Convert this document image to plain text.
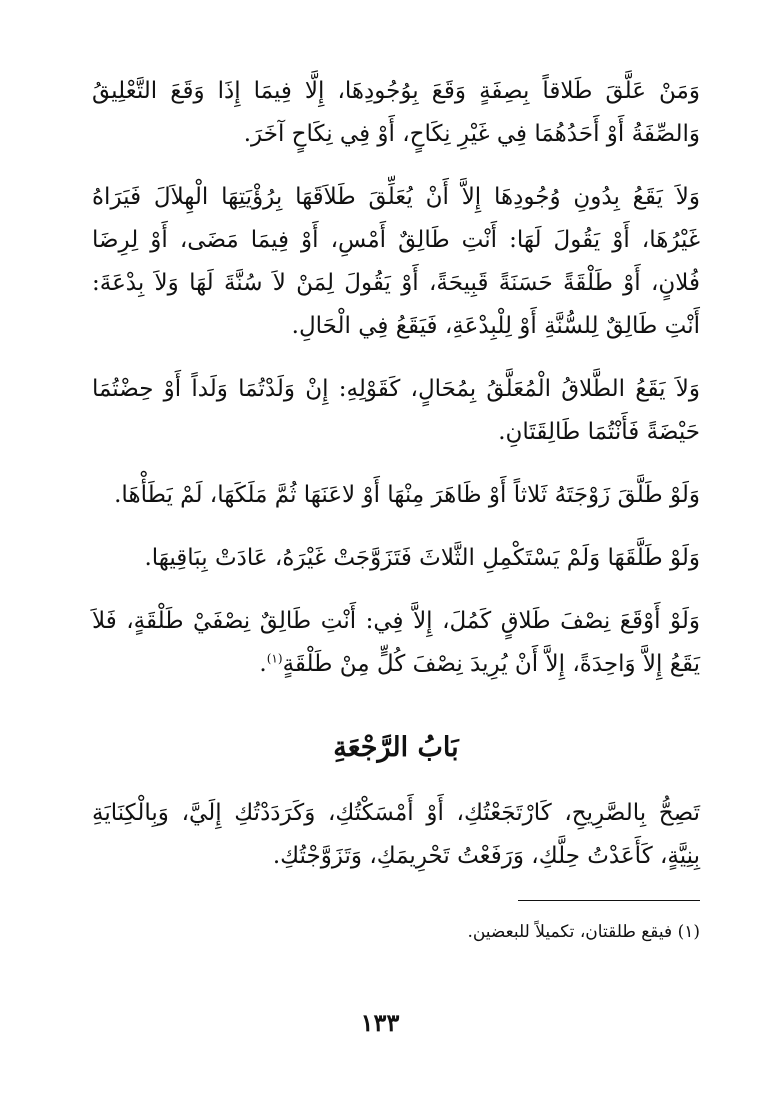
وَمَنْ عَلَّقَ طَلاقاً بِصِفَةٍ وَقَعَ بِوُجُودِهَا، إِلَّا فِيمَا إِذَا وَقَعَ التَّعْلِيقُ وَالصِّفَةُ أَوْ أَحَدُهُمَا فِي غَيْرِ نِكَاحٍ، أَوْ فِي نِكَاحٍ آخَرَ.

وَلاَ يَقَعُ بِدُونِ وُجُودِهَا إِلاَّ أَنْ يُعَلِّقَ طَلاَقَهَا بِرُؤْيَتِهَا الْهِلاَلَ فَيَرَاهُ غَيْرُهَا، أَوْ يَقُولَ لَهَا: أَنْتِ طَالِقٌ أَمْسِ، أَوْ فِيمَا مَضَى، أَوْ لِرِضَا فُلانٍ، أَوْ طَلْقَةً حَسَنَةً قَبِيحَةً، أَوْ يَقُولَ لِمَنْ لاَ سُنَّةَ لَهَا وَلاَ بِدْعَةَ: أَنْتِ طَالِقٌ لِلسُّنَّةِ أَوْ لِلْبِدْعَةِ، فَيَقَعُ فِي الْحَالِ.

وَلاَ يَقَعُ الطَّلاقُ الْمُعَلَّقُ بِمُحَالٍ، كَقَوْلِهِ: إِنْ وَلَدْتُمَا وَلَداً أَوْ حِضْتُمَا حَيْضَةً فَأَنْتُمَا طَالِقَتَانِ.

وَلَوْ طَلَّقَ زَوْجَتَهُ ثَلاثاً أَوْ ظَاهَرَ مِنْهَا أَوْ لاعَنَهَا ثُمَّ مَلَكَهَا، لَمْ يَطَأْهَا.

وَلَوْ طَلَّقَهَا وَلَمْ يَسْتَكْمِلِ الثَّلاثَ فَتَزَوَّجَتْ غَيْرَهُ، عَادَتْ بِبَاقِيهَا.

وَلَوْ أَوْقَعَ نِصْفَ طَلاقٍ كَمُلَ، إِلاَّ فِي: أَنْتِ طَالِقٌ نِصْفَيْ طَلْقَةٍ، فَلاَ يَقَعُ إِلاَّ وَاحِدَةً، إِلاَّ أَنْ يُرِيدَ نِصْفَ كُلٍّ مِنْ طَلْقَةٍ$^{(١)}$.

بَابُ الرَّجْعَةِ

تَصِحُّ بِالصَّرِيحِ، كَارْتَجَعْتُكِ، أَوْ أَمْسَكْتُكِ، وَكَرَدَدْتُكِ إِلَيَّ، وَبِالْكِنَايَةِ بِنِيَّةٍ، كَأَعَدْتُ حِلَّكِ، وَرَفَعْتُ تَحْرِيمَكِ، وَتَزَوَّجْتُكِ.

(١) فيقع طلقتان، تكميلاً للبعضين.

١٣٣
